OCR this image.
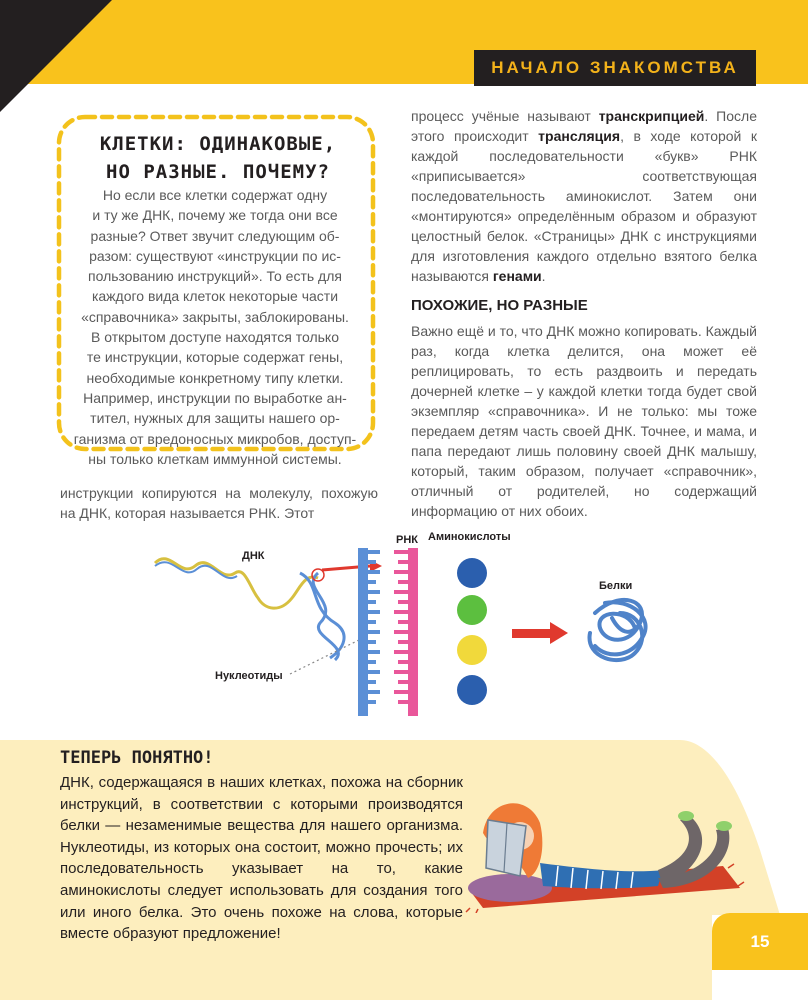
НАЧАЛО ЗНАКОМСТВА

КЛЕТКИ: ОДИНАКОВЫЕ,
НО РАЗНЫЕ. ПОЧЕМУ?

Но если все клетки содержат одну
и ту же ДНК, почему же тогда они все
разные? Ответ звучит следующим об-
разом: существуют «инструкции по ис-
пользованию инструкций». То есть для
каждого вида клеток некоторые части
«справочника» закрыты, заблокированы.
В открытом доступе находятся только
те инструкции, которые содержат гены,
необходимые конкретному типу клетки.
Например, инструкции по выработке ан-
тител, нужных для защиты нашего ор-
ганизма от вредоносных микробов, доступ-
ны только клеткам иммунной системы.

инструкции копируются на молекулу, похожую на ДНК, которая называется РНК. Этот

процесс учёные называют транскрипцией. После этого происходит трансляция, в ходе которой к каждой последовательности «букв» РНК «приписывается» соответствующая последовательность аминокислот. Затем они «монтируются» определённым образом и образуют целостный белок. «Страницы» ДНК с инструкциями для изготовления каждого отдельно взятого белка называются генами.

ПОХОЖИЕ, НО РАЗНЫЕ

Важно ещё и то, что ДНК можно копировать. Каждый раз, когда клетка делится, она может её реплицировать, то есть раздвоить и передать дочерней клетке – у каждой клетки тогда будет свой экземпляр «справочника». И не только: мы тоже передаем детям часть своей ДНК. Точнее, и мама, и папа передают лишь половину своей ДНК малышу, который, таким образом, получает «справочник», отличный от родителей, но содержащий информацию от них обоих.

ДНК
РНК Аминокислоты
Белки
Нуклеотиды

ТЕПЕРЬ ПОНЯТНО!

ДНК, содержащаяся в наших клетках, похожа на сборник инструкций, в соответствии с которыми производятся белки — незаменимые вещества для нашего организма. Нуклеотиды, из которых она состоит, можно прочесть; их последовательность указывает на то, какие аминокислоты следует использовать для создания того или иного белка. Это очень похоже на слова, которые вместе образуют предложение!	15
